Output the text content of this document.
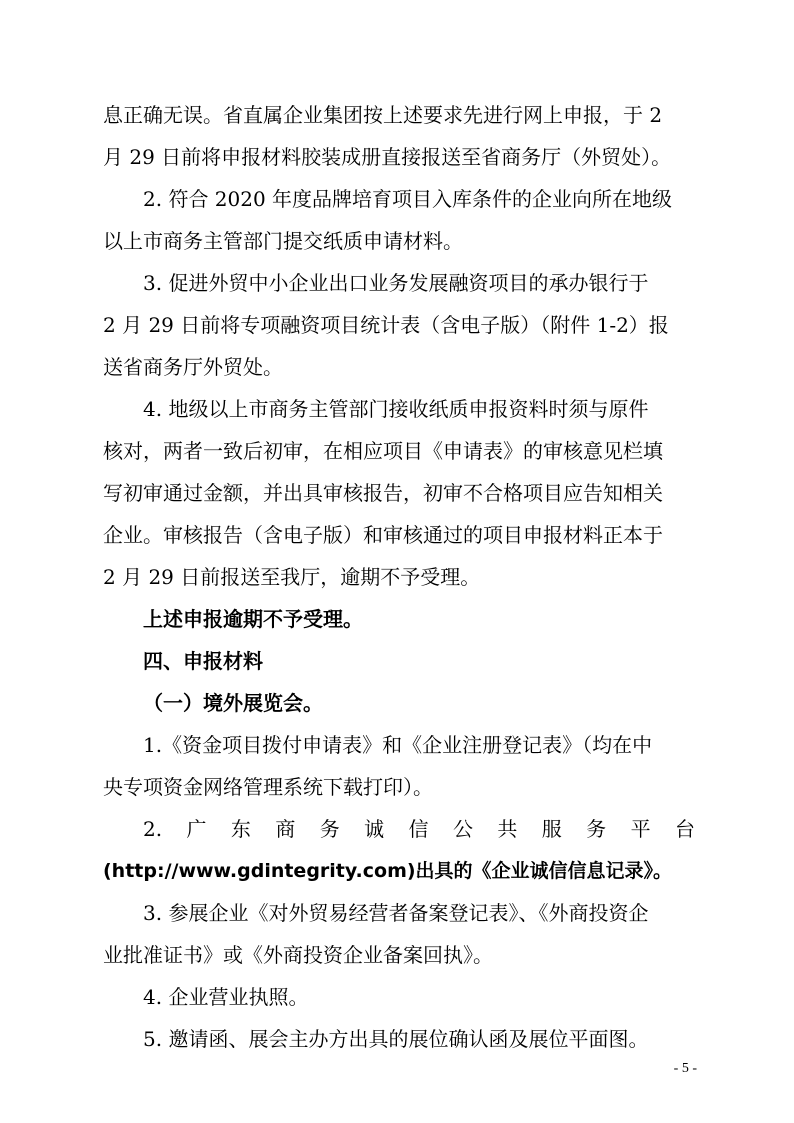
息正确无误。省直属企业集团按上述要求先进行网上申报，于 2
月 29 日前将申报材料胶装成册直接报送至省商务厅（外贸处）。
2. 符合 2020 年度品牌培育项目入库条件的企业向所在地级
以上市商务主管部门提交纸质申请材料。
3. 促进外贸中小企业出口业务发展融资项目的承办银行于
2 月 29 日前将专项融资项目统计表（含电子版）（附件 1-2）报
送省商务厅外贸处。
4. 地级以上市商务主管部门接收纸质申报资料时须与原件
核对，两者一致后初审，在相应项目《申请表》的审核意见栏填
写初审通过金额，并出具审核报告，初审不合格项目应告知相关
企业。审核报告（含电子版）和审核通过的项目申报材料正本于
2 月 29 日前报送至我厅，逾期不予受理。
上述申报逾期不予受理。
四、申报材料
（一）境外展览会。
1.《资金项目拨付申请表》和《企业注册登记表》（均在中
央专项资金网络管理系统下载打印）。
2. 广 东 商 务 诚 信 公 共 服 务 平 台
(http://www.gdintegrity.com)出具的《企业诚信信息记录》。
3. 参展企业《对外贸易经营者备案登记表》、《外商投资企
业批准证书》或《外商投资企业备案回执》。
4. 企业营业执照。
5. 邀请函、展会主办方出具的展位确认函及展位平面图。
- 5 -
